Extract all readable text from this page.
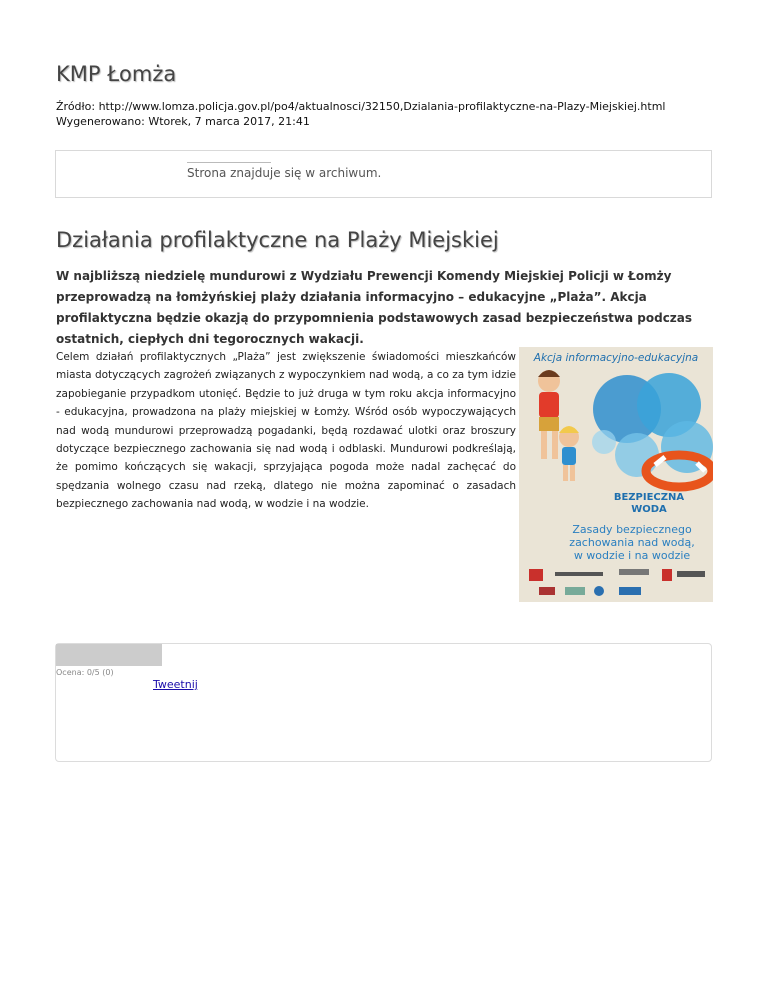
KMP Łomża
Źródło: http://www.lomza.policja.gov.pl/po4/aktualnosci/32150,Dzialania-profilaktyczne-na-Plazy-Miejskiej.html
Wygenerowano: Wtorek, 7 marca 2017, 21:41
Strona znajduje się w archiwum.
Działania profilaktyczne na Plaży Miejskiej

W najbliższą niedzielę mundurowi z Wydziału Prewencji Komendy Miejskiej Policji w Łomży przeprowadzą na łomżyńskiej plaży działania informacyjno – edukacyjne „Plaża”. Akcja profilaktyczna będzie okazją do przypomnienia podstawowych zasad bezpieczeństwa podczas ostatnich, ciepłych dni tegorocznych wakacji.

Celem działań profilaktycznych „Plaża” jest zwiększenie świadomości mieszkańców miasta dotyczących zagrożeń związanych z wypoczynkiem nad wodą, a co za tym idzie zapobieganie przypadkom utonięć. Będzie to już druga w tym roku akcja informacyjno - edukacyjna, prowadzona na plaży miejskiej w Łomży. Wśród osób wypoczywających nad wodą mundurowi przeprowadzą pogadanki, będą rozdawać ulotki oraz broszury dotyczące bezpiecznego zachowania się nad wodą i odblaski. Mundurowi podkreślają, że pomimo kończących się wakacji, sprzyjająca pogoda może nadal zachęcać do spędzania wolnego czasu nad rzeką, dlatego nie można zapominać o zasadach bezpiecznego zachowania nad wodą, w wodzie i na wodzie.

Akcja informacyjno-edukacyjna
BEZPIECZNA
WODA
Zasady bezpiecznego
zachowania nad wodą,
w wodzie i na wodzie
Ocena: 0/5 (0)
Tweetnij
